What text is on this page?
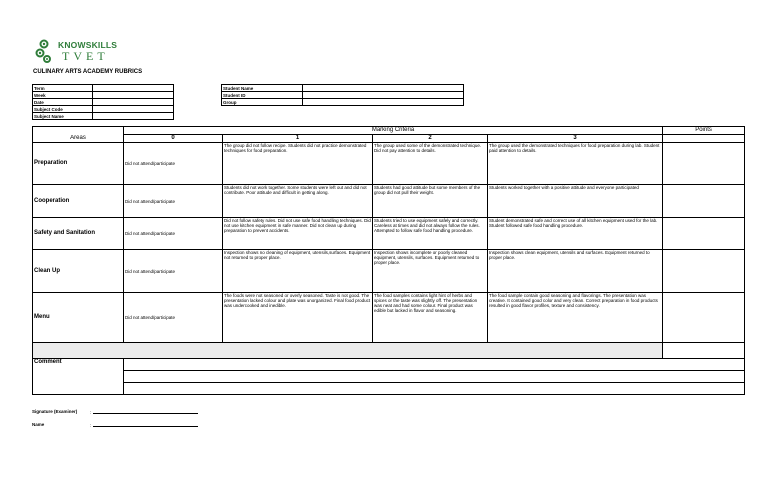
KNOWSKILLS
TVET
CULINARY ARTS ACADEMY RUBRICS
Term	
Week	
Date	
Subject Code	
Subject Name	
Student Name	
Student ID	
Group	
	Marking Criteria				Points
Areas	0	1	2	3	
Preparation	Did not attend/participate	The group did not follow recipe. Students did not practice demonstrated techniques for food preparation.	The group used some of the demonstrated technique. Did not pay attention to details.	The group used the demonstrated techniques for food preparation during lab. Student paid attention to details.	
Cooperation	Did not attend/participate	Students did not work together. Some students were left out and did not contribute. Poor attitude and difficult in getting along.	Students had good attitude but some members of the group did not pull their weight.	Students worked together with a positive attitude and everyone participated	
Safety and Sanitation	Did not attend/participate	Did not follow safety rules. Did not use safe food handling techniques. Did not use kitchen equipment in safe manner. Did not clean up during preparation to prevent accidents.	Students tried to use equipment safely and correctly. Careless at times and did not always follow the rules. Attempted to follow safe food handling procedure.	Student demonstrated safe and correct use of all kitchen equipment used for the lab. Student followed safe food handling procedure.	
Clean Up	Did not attend/participate	Inspection shows no cleaning of equipment, utensils,surfaces. Equipment not returned to proper place.	Inspection shows incomplete or poorly cleaned equipment, utensils, surfaces. Equipment returned to proper place.	Inspection shows clean equipment, utensils and surfaces. Equipment returned to proper place.	
Menu	Did not attend/participate	The foods were not seasoned or overly seasoned. Taste is not good. The presentation lacked colour and plate was unorganized. Final food product was undercooked and inedible.	The food samples contains light hint of herbs and spices or the taste was slightly off. The presentation was neat and had some colour. Final product was edible but lacked in flavor and seasoning.	The food sample contain good seasoning and flavorings. The presentation was creative. It contained good color and very clean. Correct preparation in food products resulted in good flavor profiles, texture and consistency.	

Comment					

Signature (Examiner)	:
Name	:
